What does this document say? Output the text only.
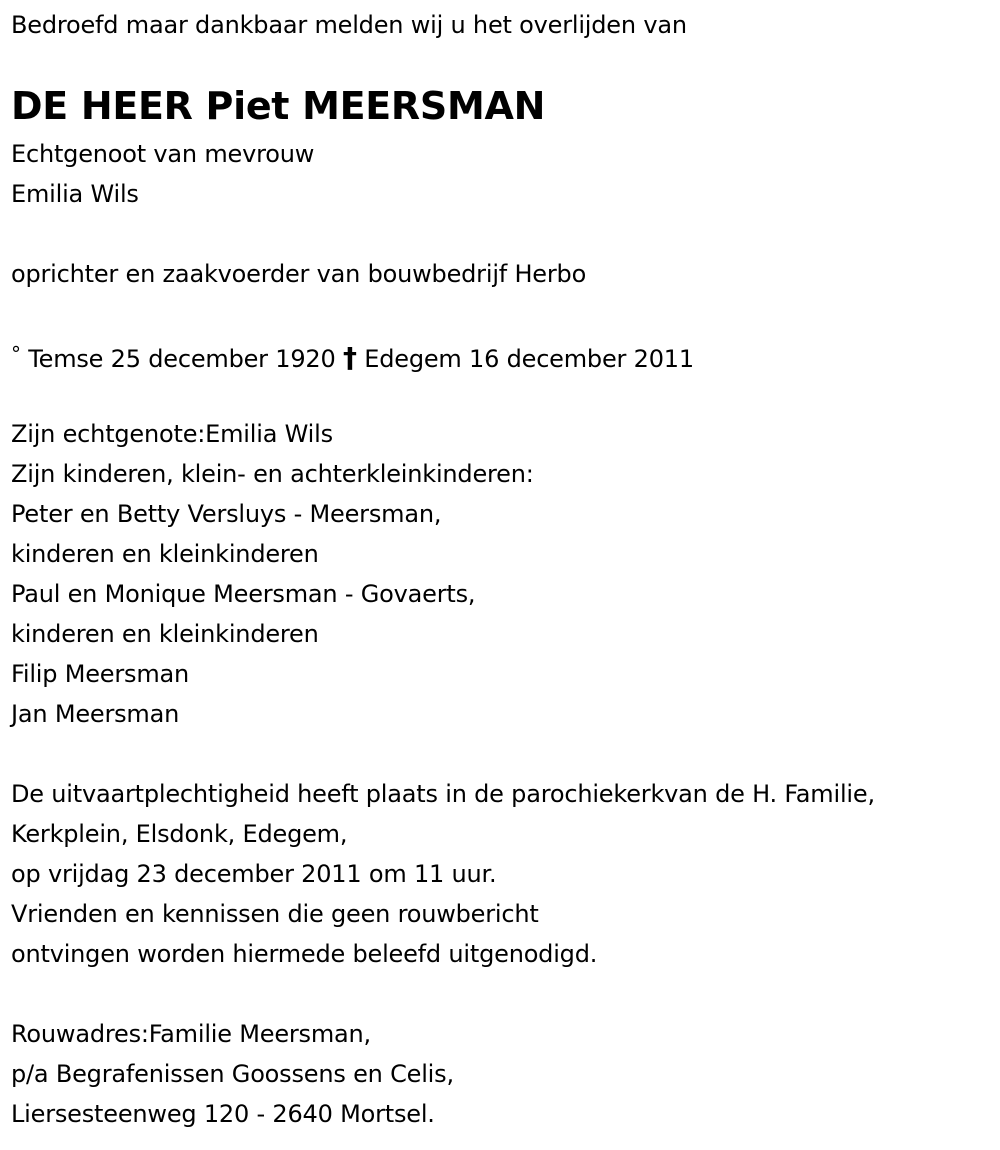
Bedroefd maar dankbaar melden wij u het overlijden van
DE HEER Piet MEERSMAN
Echtgenoot van mevrouw
Emilia Wils
oprichter en zaakvoerder van bouwbedrijf Herbo
° Temse 25 december 1920 † Edegem 16 december 2011
Zijn echtgenote:Emilia Wils
Zijn kinderen, klein- en achterkleinkinderen:
Peter en Betty Versluys - Meersman,
kinderen en kleinkinderen
Paul en Monique Meersman - Govaerts,
kinderen en kleinkinderen
Filip Meersman
Jan Meersman
De uitvaartplechtigheid heeft plaats in de parochiekerkvan de H. Familie,
Kerkplein, Elsdonk, Edegem,
op vrijdag 23 december 2011 om 11 uur.
Vrienden en kennissen die geen rouwbericht
ontvingen worden hiermede beleefd uitgenodigd.
Rouwadres:Familie Meersman,
p/a Begrafenissen Goossens en Celis,
Liersesteenweg 120 - 2640 Mortsel.
